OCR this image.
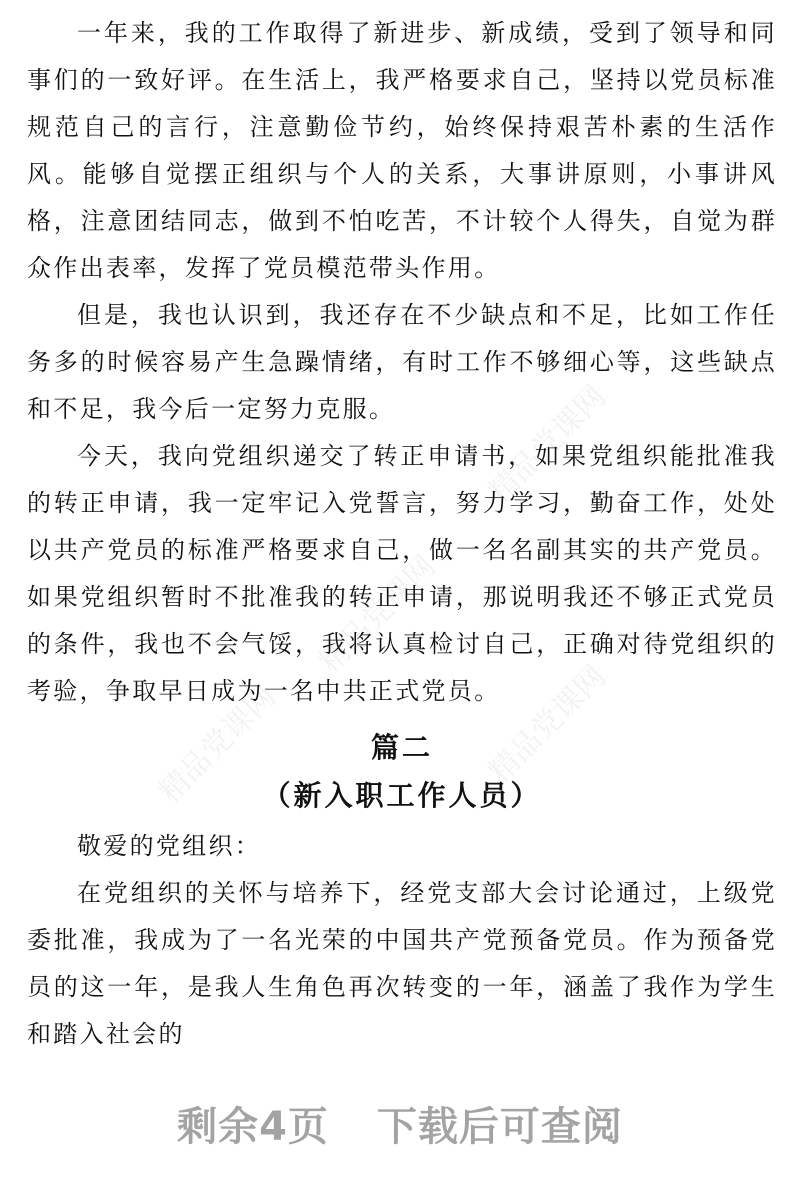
精品党课网
精品党课网
精品党课网
精品党课网

一年来，我的工作取得了新进步、新成绩，受到了领导和同事们的一致好评。在生活上，我严格要求自己，坚持以党员标准规范自己的言行，注意勤俭节约，始终保持艰苦朴素的生活作风。能够自觉摆正组织与个人的关系，大事讲原则，小事讲风格，注意团结同志，做到不怕吃苦，不计较个人得失，自觉为群众作出表率，发挥了党员模范带头作用。

但是，我也认识到，我还存在不少缺点和不足，比如工作任务多的时候容易产生急躁情绪，有时工作不够细心等，这些缺点和不足，我今后一定努力克服。

今天，我向党组织递交了转正申请书，如果党组织能批准我的转正申请，我一定牢记入党誓言，努力学习，勤奋工作，处处以共产党员的标准严格要求自己，做一名名副其实的共产党员。如果党组织暂时不批准我的转正申请，那说明我还不够正式党员的条件，我也不会气馁，我将认真检讨自己，正确对待党组织的考验，争取早日成为一名中共正式党员。

篇二
（新入职工作人员）

敬爱的党组织：

在党组织的关怀与培养下，经党支部大会讨论通过，上级党委批准，我成为了一名光荣的中国共产党预备党员。作为预备党员的这一年，是我人生角色再次转变的一年，涵盖了我作为学生和踏入社会的

剩余4页 下载后可查阅
